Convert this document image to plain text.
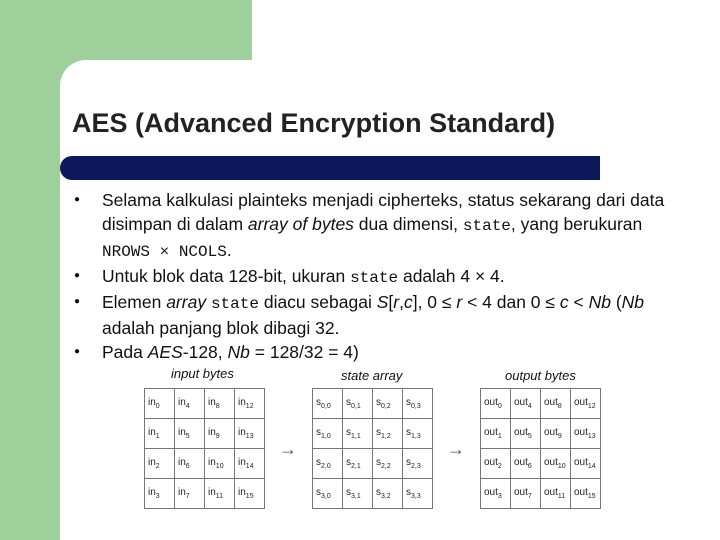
AES (Advanced Encryption Standard)
● Selama kalkulasi plainteks menjadi cipherteks, status sekarang dari data disimpan di dalam array of bytes dua dimensi, state, yang berukuran NROWS × NCOLS.
● Untuk blok data 128-bit, ukuran state adalah 4 × 4.
● Elemen array state diacu sebagai S[r,c], 0 ≤ r < 4 dan 0 ≤ c < Nb (Nb adalah panjang blok dibagi 32.
● Pada AES-128, Nb = 128/32 = 4)
input bytes	state array	output bytes
$in_0$	$in_4$	$in_8$	$in_{12}$
$in_1$	$in_5$	$in_9$	$in_{13}$
$in_2$	$in_6$	$in_{10}$	$in_{14}$
$in_3$	$in_7$	$in_{11}$	$in_{15}$
$s_{0,0}$	$s_{0,1}$	$s_{0,2}$	$s_{0,3}$
$s_{1,0}$	$s_{1,1}$	$s_{1,2}$	$s_{1,3}$
$s_{2,0}$	$s_{2,1}$	$s_{2,2}$	$s_{2,3}$
$s_{3,0}$	$s_{3,1}$	$s_{3,2}$	$s_{3,3}$
out$_0$	out$_4$	out$_8$	out$_{12}$
out$_1$	out$_5$	out$_9$	out$_{13}$
out$_2$	out$_6$	out$_{10}$	out$_{14}$
out$_3$	out$_7$	out$_{11}$	out$_{15}$
→	→
